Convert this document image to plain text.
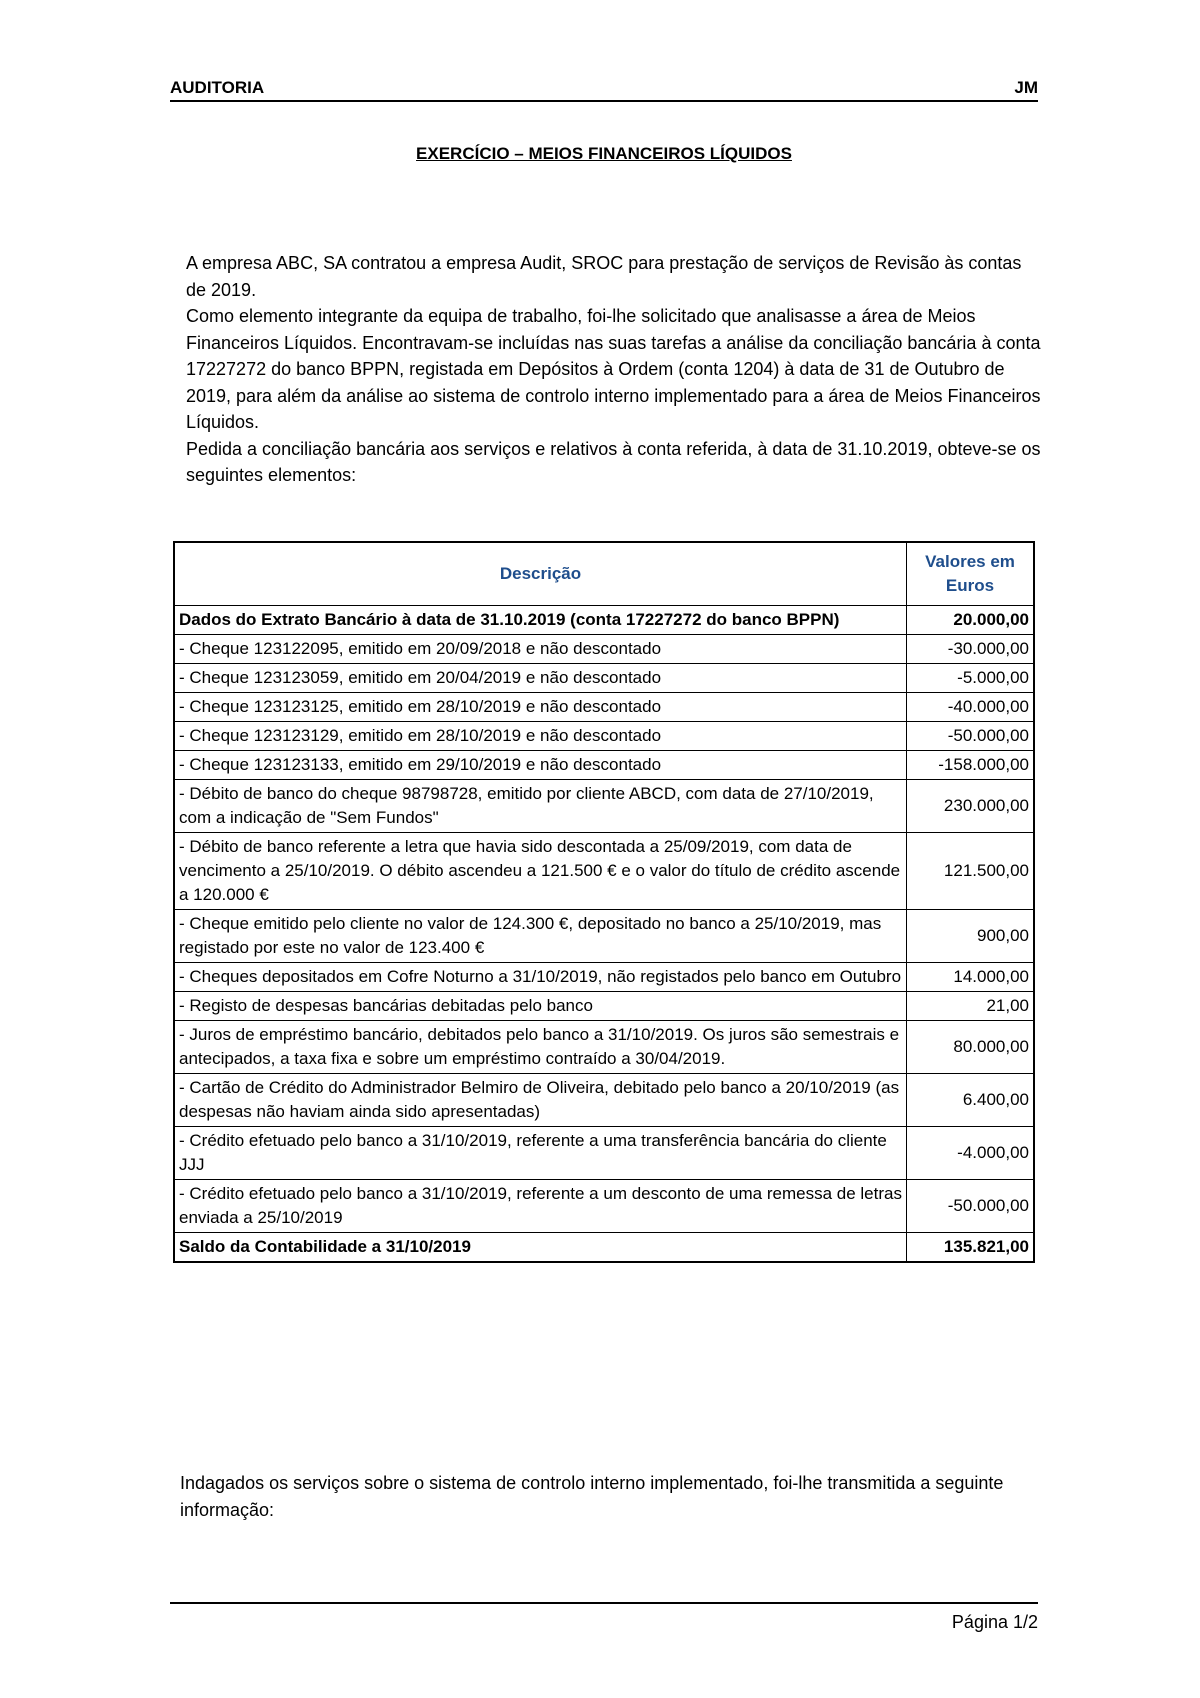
AUDITORIA	JM
EXERCÍCIO – MEIOS FINANCEIROS LÍQUIDOS

A empresa ABC, SA contratou a empresa Audit, SROC para prestação de serviços de Revisão às contas de 2019.

Como elemento integrante da equipa de trabalho, foi-lhe solicitado que analisasse a área de Meios Financeiros Líquidos. Encontravam-se incluídas nas suas tarefas a análise da conciliação bancária à conta 17227272 do banco BPPN, registada em Depósitos à Ordem (conta 1204) à data de 31 de Outubro de 2019, para além da análise ao sistema de controlo interno implementado para a área de Meios Financeiros Líquidos.

Pedida a conciliação bancária aos serviços e relativos à conta referida, à data de 31.10.2019, obteve-se os seguintes elementos:

Descrição	Valores em Euros
Dados do Extrato Bancário à data de 31.10.2019 (conta 17227272 do banco BPPN)	20.000,00
- Cheque 123122095, emitido em 20/09/2018 e não descontado	-30.000,00
- Cheque 123123059, emitido em 20/04/2019 e não descontado	-5.000,00
- Cheque 123123125, emitido em 28/10/2019 e não descontado	-40.000,00
- Cheque 123123129, emitido em 28/10/2019 e não descontado	-50.000,00
- Cheque 123123133, emitido em 29/10/2019 e não descontado	-158.000,00
- Débito de banco do cheque 98798728, emitido por cliente ABCD, com data de 27/10/2019, com a indicação de "Sem Fundos"	230.000,00
- Débito de banco referente a letra que havia sido descontada a 25/09/2019, com data de vencimento a 25/10/2019. O débito ascendeu a 121.500 € e o valor do título de crédito ascende a 120.000 €	121.500,00
- Cheque emitido pelo cliente no valor de 124.300 €, depositado no banco a 25/10/2019, mas registado por este no valor de 123.400 €	900,00
- Cheques depositados em Cofre Noturno a 31/10/2019, não registados pelo banco em Outubro	14.000,00
- Registo de despesas bancárias debitadas pelo banco	21,00
- Juros de empréstimo bancário, debitados pelo banco a 31/10/2019. Os juros são semestrais e antecipados, a taxa fixa e sobre um empréstimo contraído a 30/04/2019.	80.000,00
- Cartão de Crédito do Administrador Belmiro de Oliveira, debitado pelo banco a 20/10/2019 (as despesas não haviam ainda sido apresentadas)	6.400,00
- Crédito efetuado pelo banco a 31/10/2019, referente a uma transferência bancária do cliente JJJ	-4.000,00
- Crédito efetuado pelo banco a 31/10/2019, referente a um desconto de uma remessa de letras enviada a 25/10/2019	-50.000,00
Saldo da Contabilidade a 31/10/2019	135.821,00
Indagados os serviços sobre o sistema de controlo interno implementado, foi-lhe transmitida a seguinte informação:
Página 1/2
